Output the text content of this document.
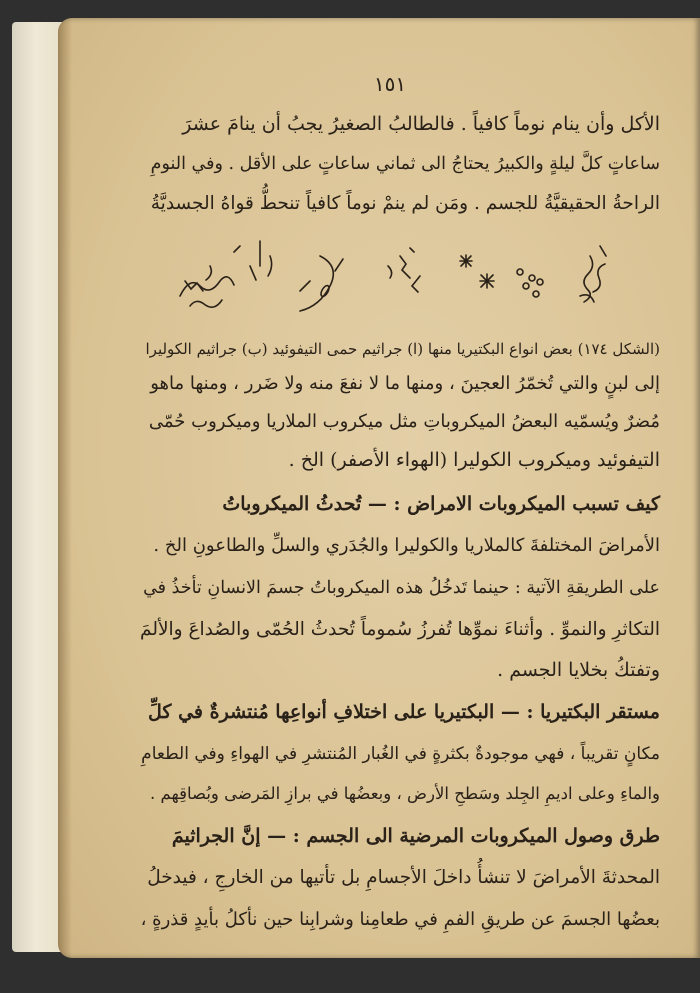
١٥١
الأكل وأن ينام نوماً كافياً . فالطالبُ الصغيرُ يجبُ أن ينامَ عشرَ
ساعاتٍ كلَّ ليلةٍ والكبيرُ يحتاجُ الى ثماني ساعاتٍ على الأقل . وفي النومِ
الراحةُ الحقيقيَّةُ للجسم . ومَن لم ينمْ نوماً كافياً تنحطُّ قواهُ الجسديَّةُ
(الشكل ١٧٤) بعض انواع البكتيريا منها (ا) جراثيم حمى التيفوئيد (ب) جراثيم الكوليرا
إلى لبنٍ والتي تُخمّرُ العجينَ ، ومنها ما لا نفعَ منه ولا ضَرر ، ومنها ماهو
مُضرٌ ويُسمّيه البعضُ الميكروباتِ مثل ميكروب الملاريا وميكروب حُمّى
التيفوئيد وميكروب الكوليرا (الهواء الأصفر) الخ .
كيف تسبب الميكروبات الامراض : — تُحدثُ الميكروباتُ
الأمراضَ المختلفةَ كالملاريا والكوليرا والجُدَري والسلِّ والطاعونِ الخ .
على الطريقةِ الآتية : حينما تَدخُلُ هذه الميكروباتُ جسمَ الانسانِ تأخذُ في
التكاثرِ والنموِّ . وأثناءَ نموِّها تُفرزُ سُموماً تُحدثُ الحُمّى والصُداعَ والألمَ
وتفتكُ بخلايا الجسم .
مستقر البكتيريا : — البكتيريا على اختلافِ أنواعِها مُنتشرةٌ في كلِّ
مكانٍ تقريباً ، فهي موجودةٌ بكثرةٍ في الغُبار المُنتشرِ في الهواءِ وفي الطعامِ
والماءِ وعلى اديمِ الجِلد وسَطحِ الأرض ، وبعضُها في برازِ المَرضى وبُصاقِهم .
طرق وصول الميكروبات المرضية الى الجسم : — إنَّ الجراثيمَ
المحدثةَ الأمراضَ لا تنشأُ داخلَ الأجسامِ بل تأتيها من الخارجِ ، فيدخلُ
بعضُها الجسمَ عن طريقِ الفمِ في طعامِنا وشرابِنا حين نأكلُ بأيدٍ قذرةٍ ،
